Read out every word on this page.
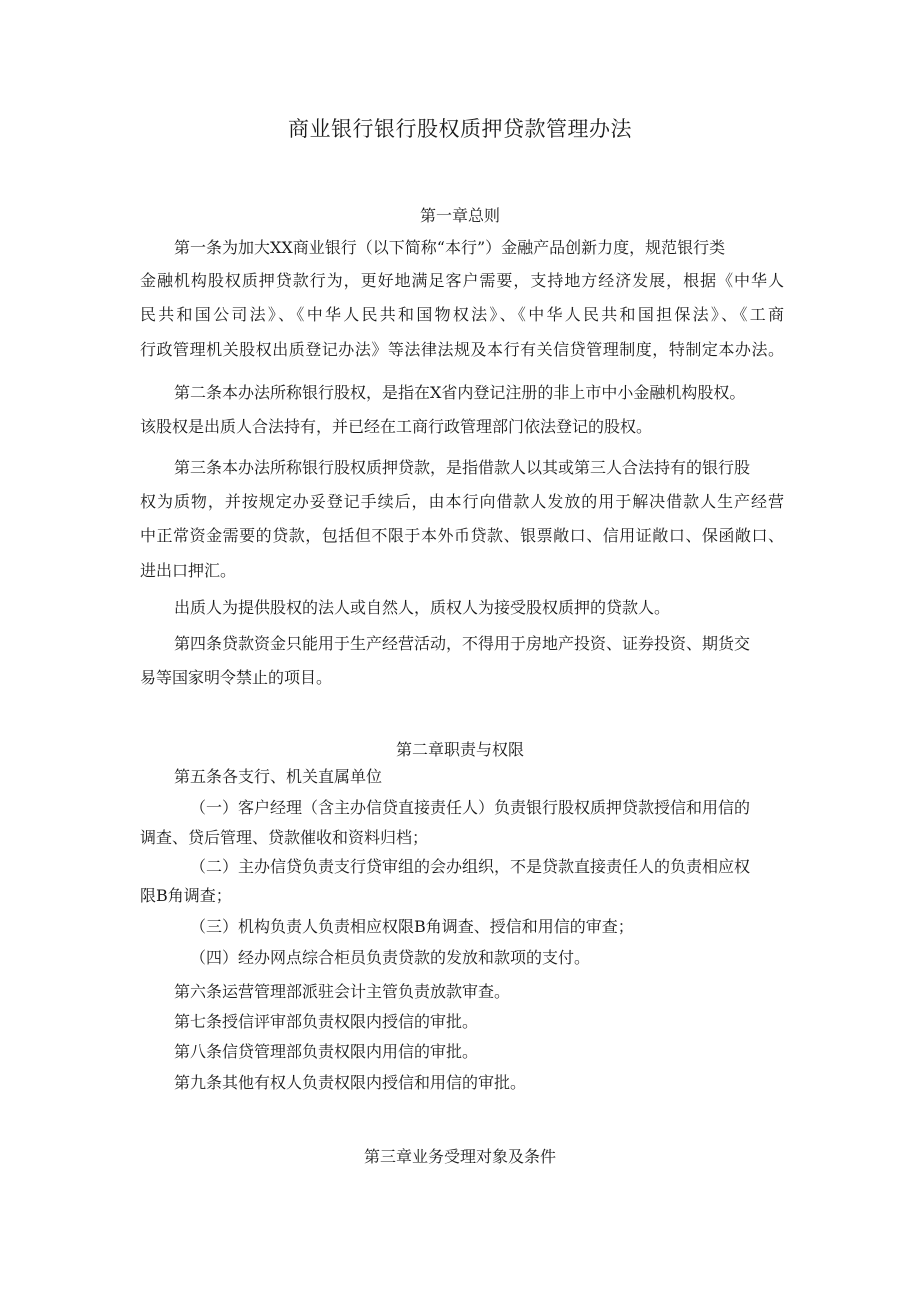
商业银行银行股权质押贷款管理办法
第一章总则
第一条为加大XX商业银行（以下简称“本行”）金融产品创新力度，规范银行类
金融机构股权质押贷款行为，更好地满足客户需要，支持地方经济发展，根据《中华人
民共和国公司法》、《中华人民共和国物权法》、《中华人民共和国担保法》、《工商
行政管理机关股权出质登记办法》等法律法规及本行有关信贷管理制度，特制定本办法。
第二条本办法所称银行股权，是指在X省内登记注册的非上市中小金融机构股权。
该股权是出质人合法持有，并已经在工商行政管理部门依法登记的股权。
第三条本办法所称银行股权质押贷款，是指借款人以其或第三人合法持有的银行股
权为质物，并按规定办妥登记手续后，由本行向借款人发放的用于解决借款人生产经营
中正常资金需要的贷款，包括但不限于本外币贷款、银票敞口、信用证敞口、保函敞口、
进出口押汇。
出质人为提供股权的法人或自然人，质权人为接受股权质押的贷款人。
第四条贷款资金只能用于生产经营活动，不得用于房地产投资、证券投资、期货交
易等国家明令禁止的项目。
第二章职责与权限
第五条各支行、机关直属单位
（一）客户经理（含主办信贷直接责任人）负责银行股权质押贷款授信和用信的
调查、贷后管理、贷款催收和资料归档；
（二）主办信贷负责支行贷审组的会办组织，不是贷款直接责任人的负责相应权
限B角调查；
（三）机构负责人负责相应权限B角调查、授信和用信的审查；
（四）经办网点综合柜员负责贷款的发放和款项的支付。
第六条运营管理部派驻会计主管负责放款审查。
第七条授信评审部负责权限内授信的审批。
第八条信贷管理部负责权限内用信的审批。
第九条其他有权人负责权限内授信和用信的审批。
第三章业务受理对象及条件
